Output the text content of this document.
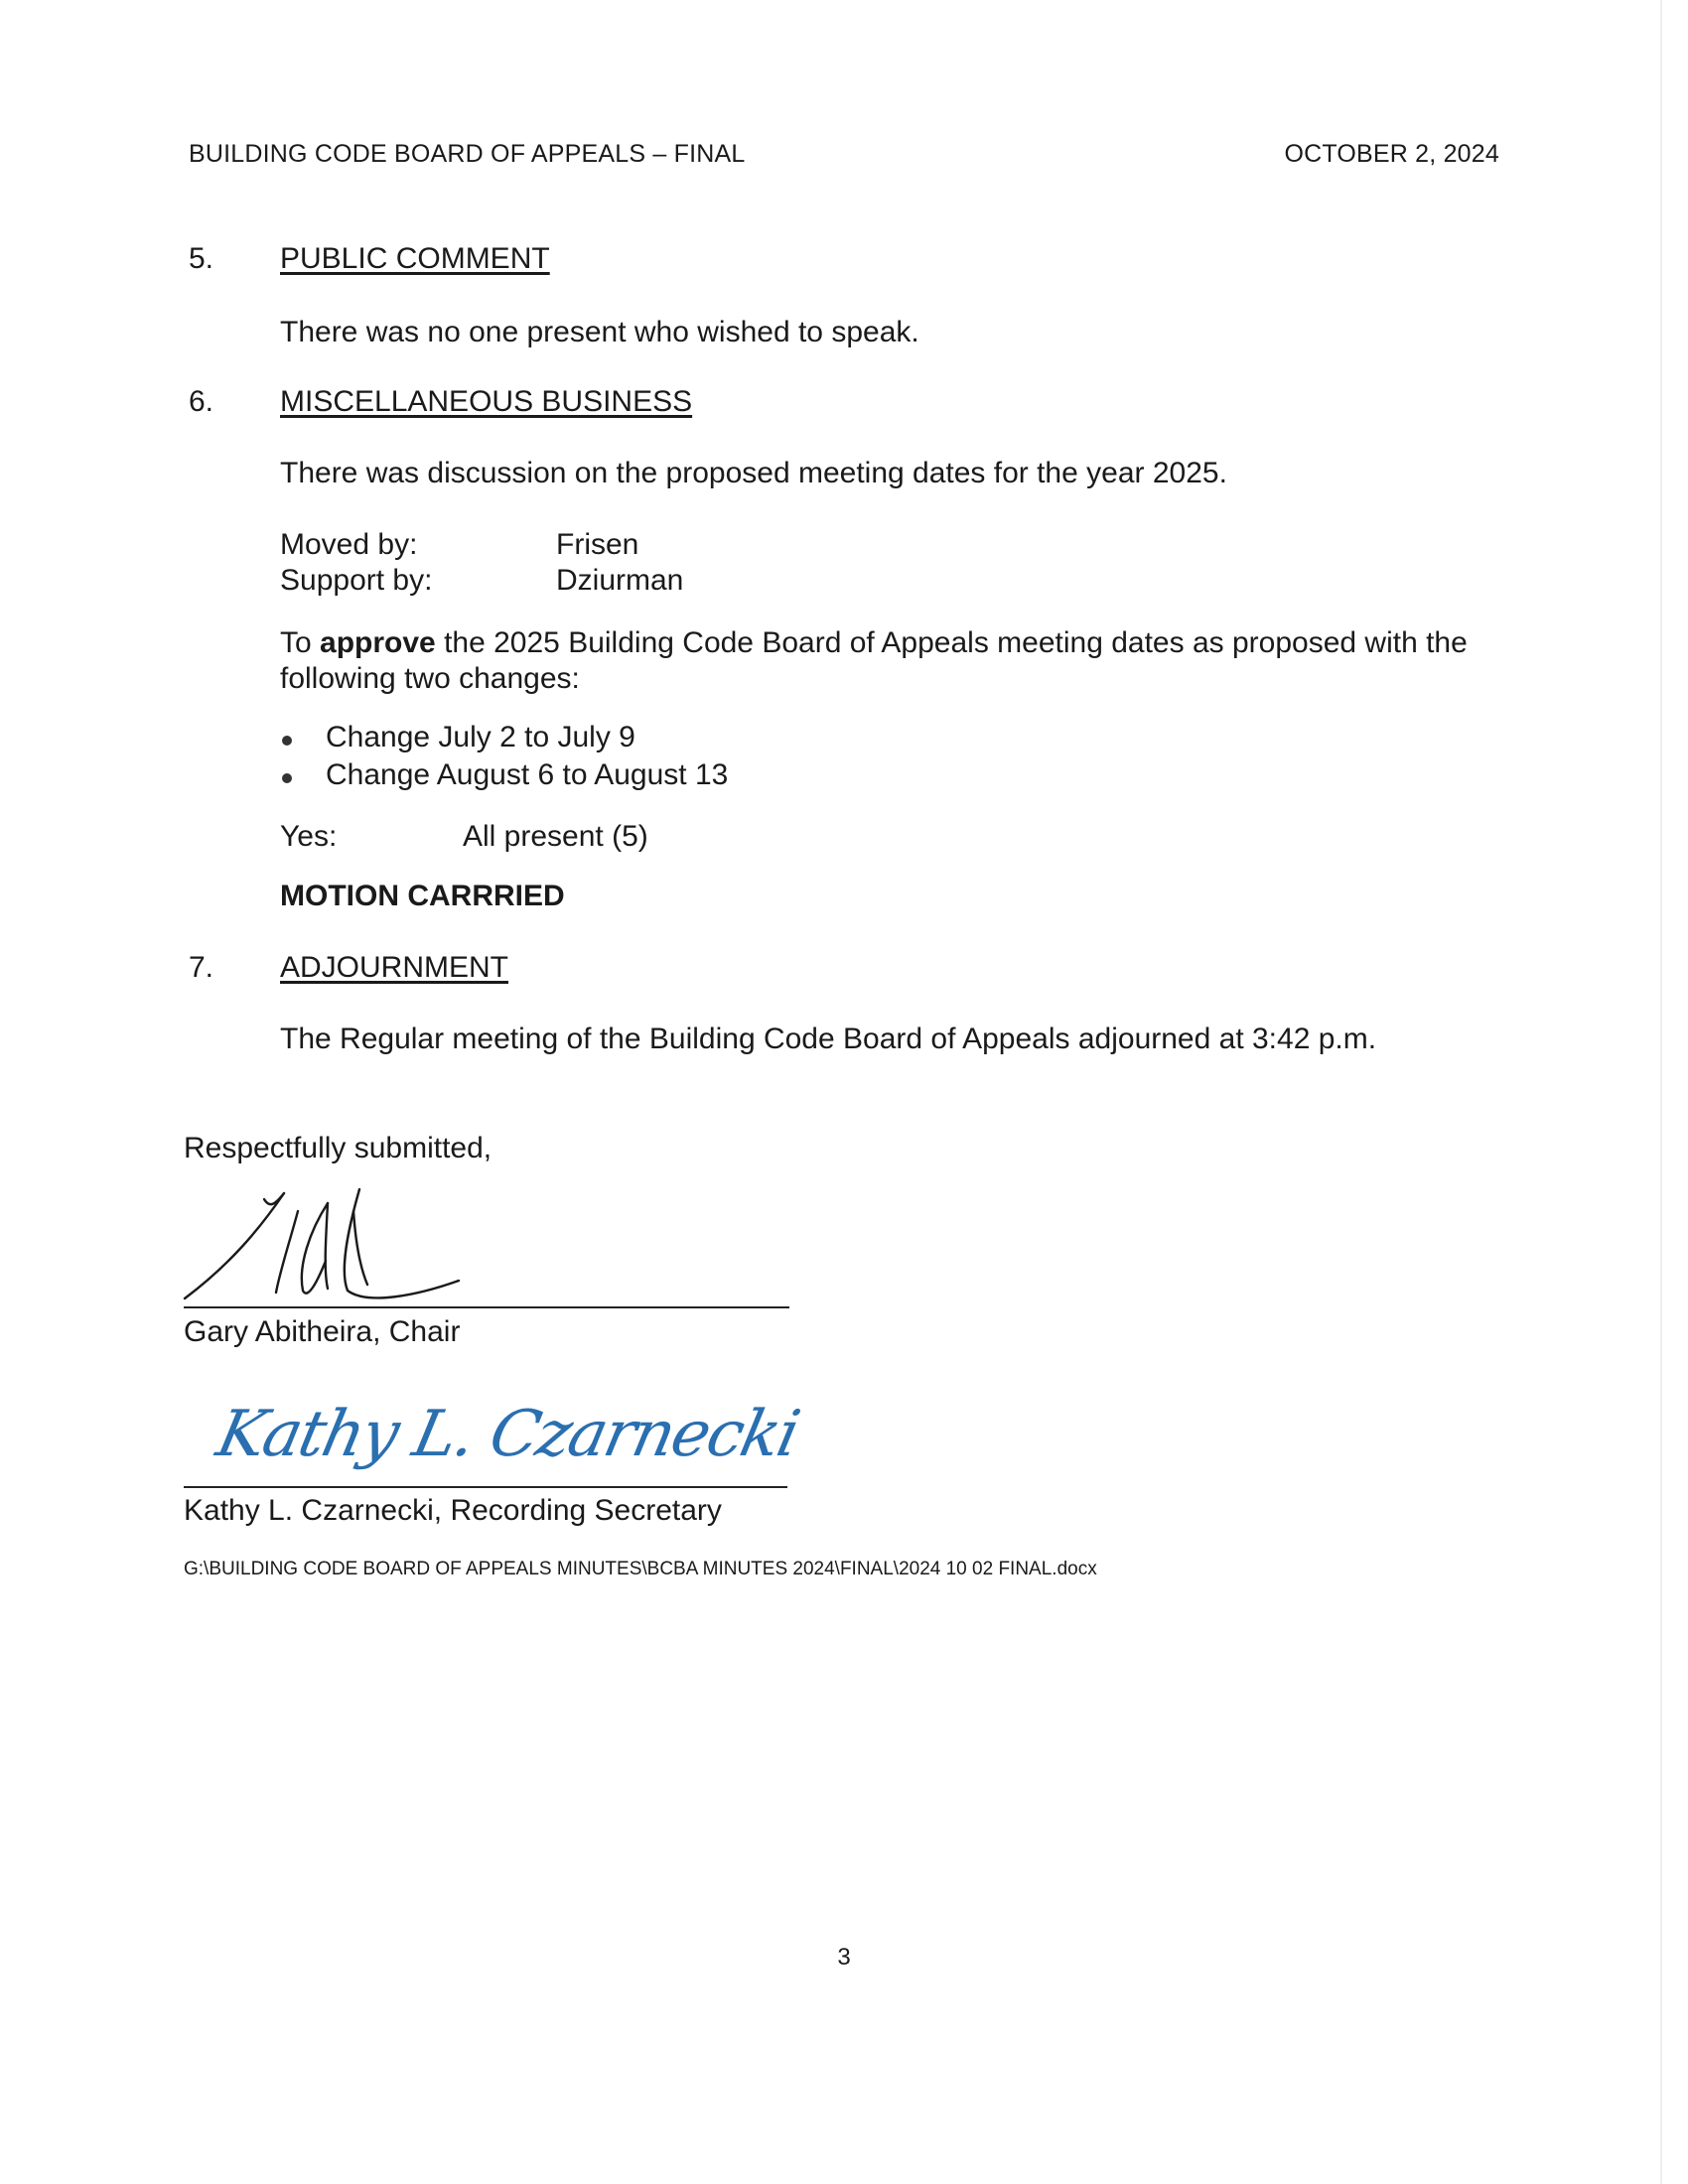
BUILDING CODE BOARD OF APPEALS – FINAL	OCTOBER 2, 2024
5. PUBLIC COMMENT
There was no one present who wished to speak.
6. MISCELLANEOUS BUSINESS
There was discussion on the proposed meeting dates for the year 2025.
Moved by:	Frisen
Support by:	Dziurman
To approve the 2025 Building Code Board of Appeals meeting dates as proposed with the following two changes:
Change July 2 to July 9
Change August 6 to August 13
Yes:	All present (5)
MOTION CARRRIED
7. ADJOURNMENT
The Regular meeting of the Building Code Board of Appeals adjourned at 3:42 p.m.
Respectfully submitted,
Gary Abitheira, Chair
Kathy L. Czarnecki
Kathy L. Czarnecki, Recording Secretary
G:\BUILDING CODE BOARD OF APPEALS MINUTES\BCBA MINUTES 2024\FINAL\2024 10 02 FINAL.docx
3
